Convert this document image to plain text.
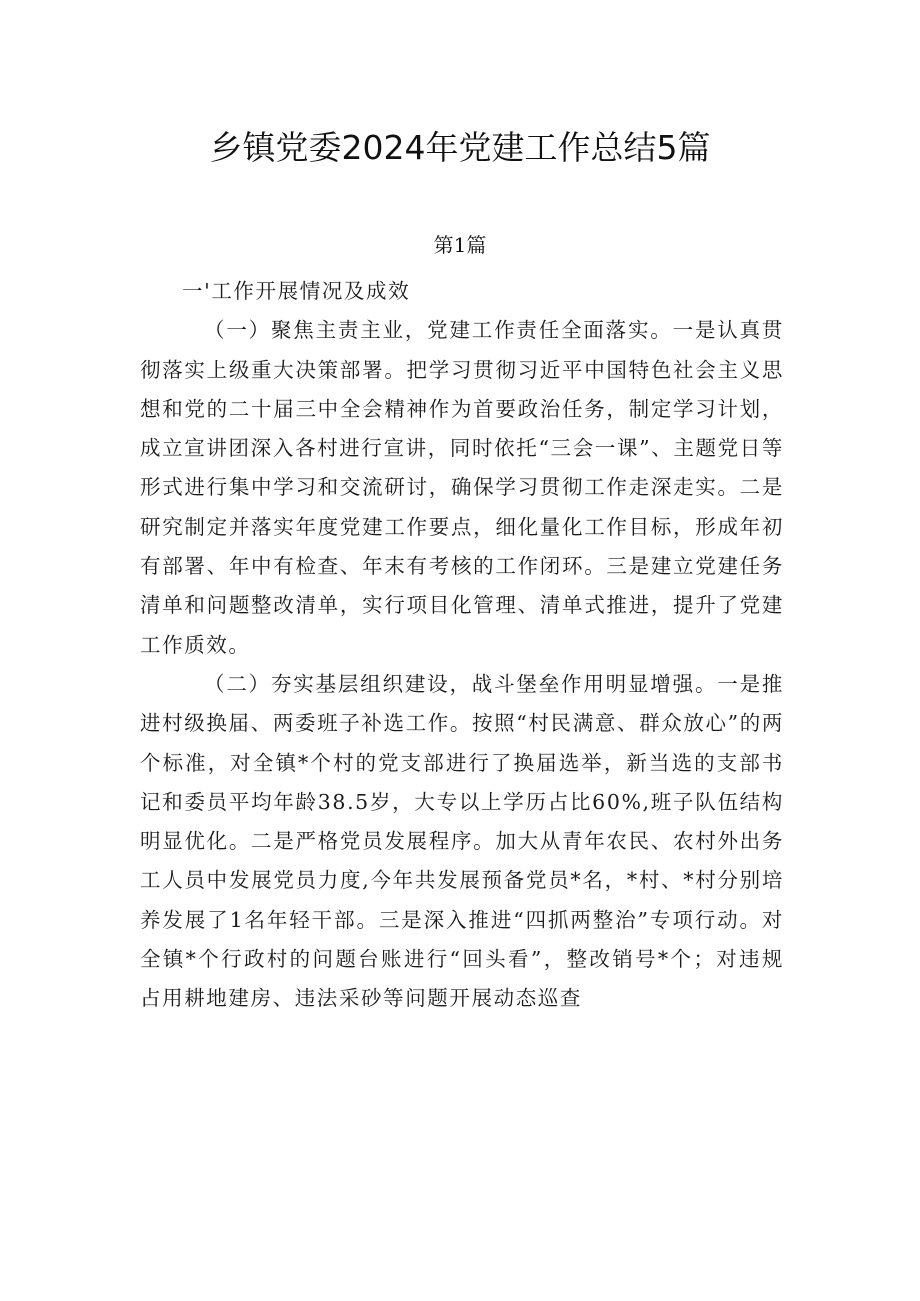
乡镇党委2024年党建工作总结5篇
第1篇

一'工作开展情况及成效

（一）聚焦主责主业，党建工作责任全面落实。一是认真贯彻落实上级重大决策部署。把学习贯彻习近平中国特色社会主义思想和党的二十届三中全会精神作为首要政治任务，制定学习计划，成立宣讲团深入各村进行宣讲，同时依托“三会一课”、主题党日等形式进行集中学习和交流研讨，确保学习贯彻工作走深走实。二是研究制定并落实年度党建工作要点，细化量化工作目标，形成年初有部署、年中有检查、年末有考核的工作闭环。三是建立党建任务清单和问题整改清单，实行项目化管理、清单式推进，提升了党建工作质效。

（二）夯实基层组织建设，战斗堡垒作用明显增强。一是推进村级换届、两委班子补选工作。按照“村民满意、群众放心”的两个标准，对全镇*个村的党支部进行了换届选举，新当选的支部书记和委员平均年龄38.5岁，大专以上学历占比60%,班子队伍结构明显优化。二是严格党员发展程序。加大从青年农民、农村外出务工人员中发展党员力度,今年共发展预备党员*名，*村、*村分别培养发展了1名年轻干部。三是深入推进“四抓两整治”专项行动。对全镇*个行政村的问题台账进行“回头看”，整改销号*个；对违规占用耕地建房、违法采砂等问题开展动态巡查
